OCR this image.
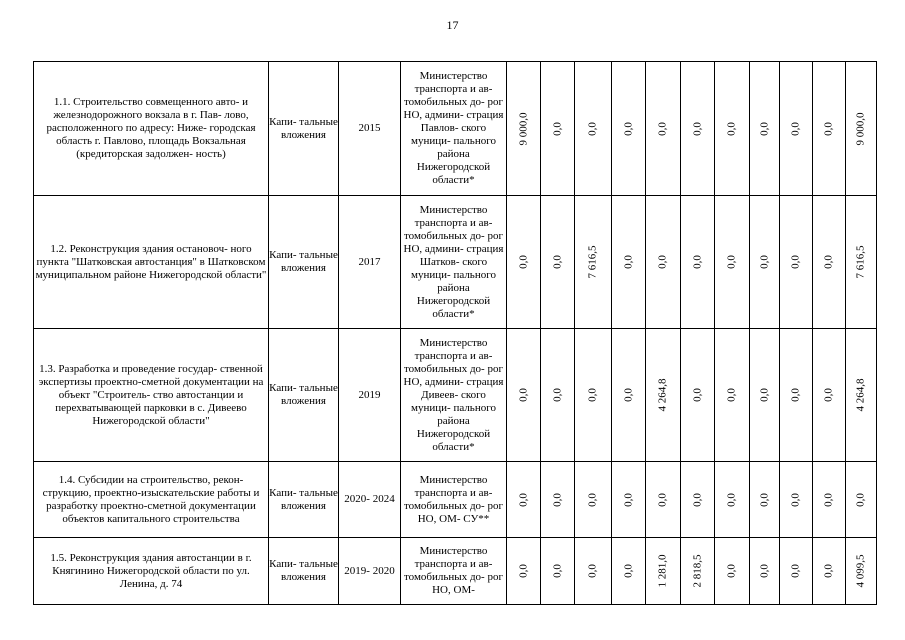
17
1.1. Строительство совмещенного авто- и железнодорожного вокзала в г. Пав- лово, расположенного по адресу: Ниже- городская область г. Павлово, площадь Вокзальная (кредиторская задолжен- ность)	Капи- тальные вложения	2015	Министерство транспорта и ав- томобильных до- рог НО, админи- страция Павлов- ского муници- пального района Нижегородской области*	9 000,0	0,0	0,0	0,0	0,0	0,0	0,0	0,0	0,0	0,0	9 000,0

1.2. Реконструкция здания остановоч- ного пункта "Шатковская автостанция" в Шатковском муниципальном районе Нижегородской области"	Капи- тальные вложения	2017	Министерство транспорта и ав- томобильных до- рог НО, админи- страция Шатков- ского муници- пального района Нижегородской области*	0,0	0,0	7 616,5	0,0	0,0	0,0	0,0	0,0	0,0	0,0	7 616,5

1.3. Разработка и проведение государ- ственной экспертизы проектно-сметной документации на объект "Строитель- ство автостанции и перехватывающей парковки в с. Дивеево Нижегородской области"	Капи- тальные вложения	2019	Министерство транспорта и ав- томобильных до- рог НО, админи- страция Дивеев- ского муници- пального района Нижегородской области*	0,0	0,0	0,0	0,0	4 264,8	0,0	0,0	0,0	0,0	0,0	4 264,8

1.4. Субсидии на строительство, рекон- струкцию, проектно-изыскательские работы и разработку проектно-сметной документации объектов капитального строительства	Капи- тальные вложения	2020- 2024	Министерство транспорта и ав- томобильных до- рог НО, ОМ- СУ**	0,0	0,0	0,0	0,0	0,0	0,0	0,0	0,0	0,0	0,0	0,0

1.5. Реконструкция здания автостанции в г. Княгинино Нижегородской области по ул. Ленина, д. 74	Капи- тальные вложения	2019- 2020	Министерство транспорта и ав- томобильных до- рог НО, ОМ-	0,0	0,0	0,0	0,0	1 281,0	2 818,5	0,0	0,0	0,0	0,0	4 099,5
